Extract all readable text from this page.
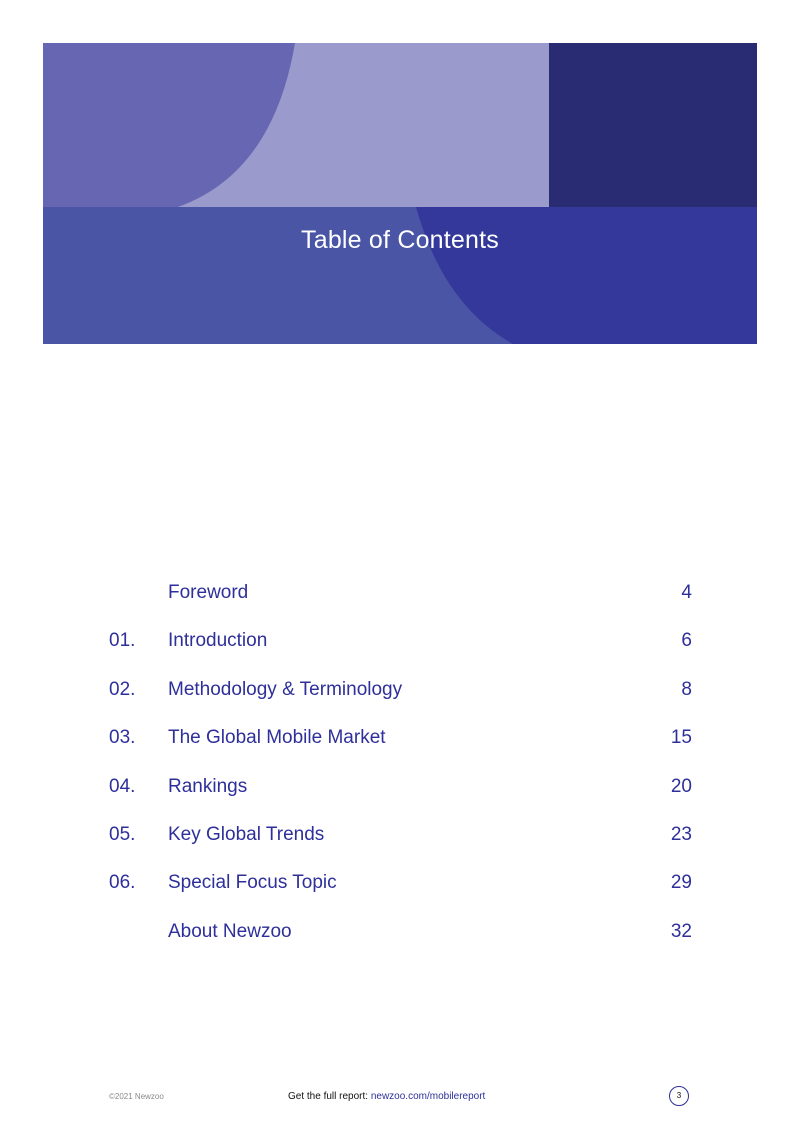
Table of Contents
Foreword	4
01. Introduction	6
02. Methodology & Terminology	8
03. The Global Mobile Market	15
04. Rankings	20
05. Key Global Trends	23
06. Special Focus Topic	29
About Newzoo	32
©2021 Newzoo	Get the full report: newzoo.com/mobilereport	3
